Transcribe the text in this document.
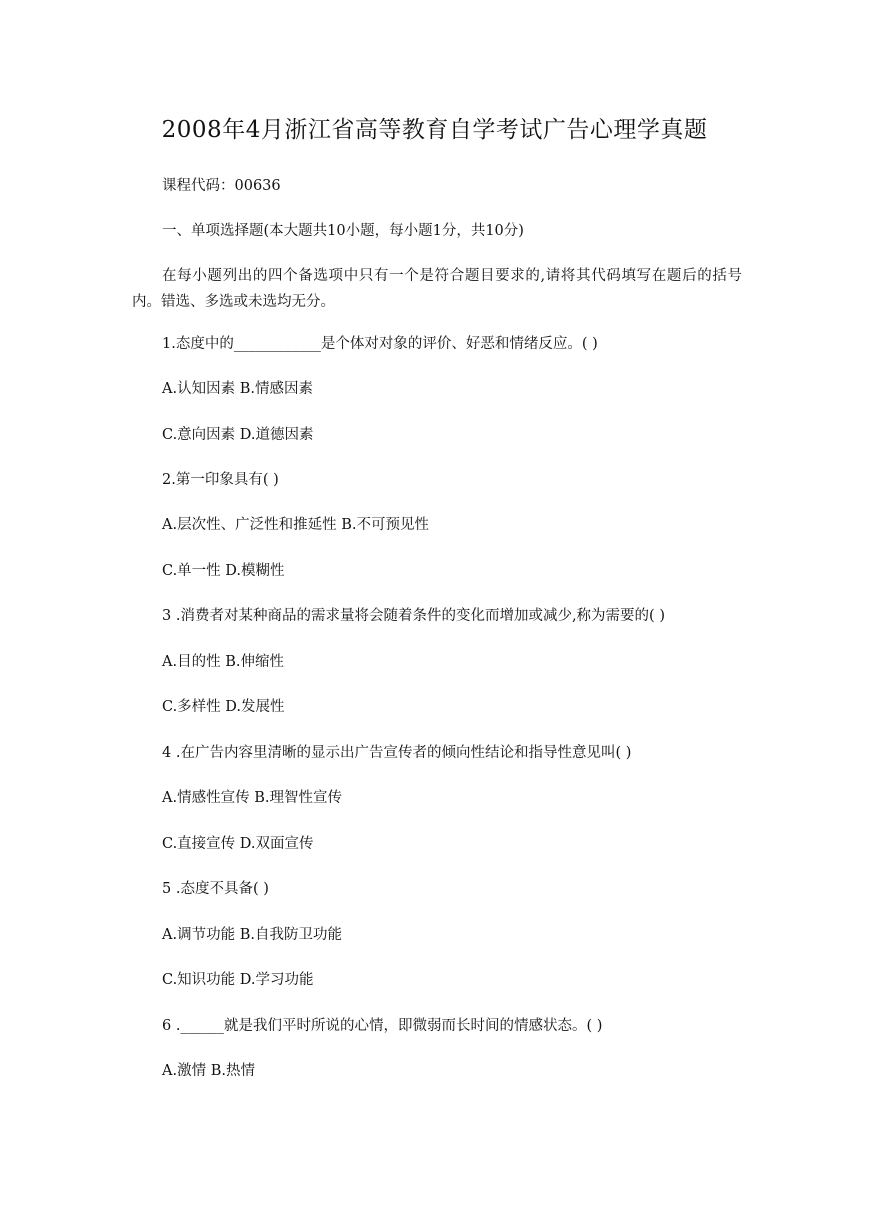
2008年4月浙江省高等教育自学考试广告心理学真题
课程代码：00636
一、单项选择题(本大题共10小题，每小题1分，共10分)
在每小题列出的四个备选项中只有一个是符合题目要求的,请将其代码填写在题后的括号内。错选、多选或未选均无分。
1.态度中的____________是个体对对象的评价、好恶和情绪反应。( )
A.认知因素 B.情感因素
C.意向因素 D.道德因素
2.第一印象具有( )
A.层次性、广泛性和推延性 B.不可预见性
C.单一性 D.模糊性
3 .消费者对某种商品的需求量将会随着条件的变化而增加或减少,称为需要的( )
A.目的性 B.伸缩性
C.多样性 D.发展性
4 .在广告内容里清晰的显示出广告宣传者的倾向性结论和指导性意见叫( )
A.情感性宣传 B.理智性宣传
C.直接宣传 D.双面宣传
5 .态度不具备( )
A.调节功能 B.自我防卫功能
C.知识功能 D.学习功能
6 .______就是我们平时所说的心情，即微弱而长时间的情感状态。( )
A.激情 B.热情
